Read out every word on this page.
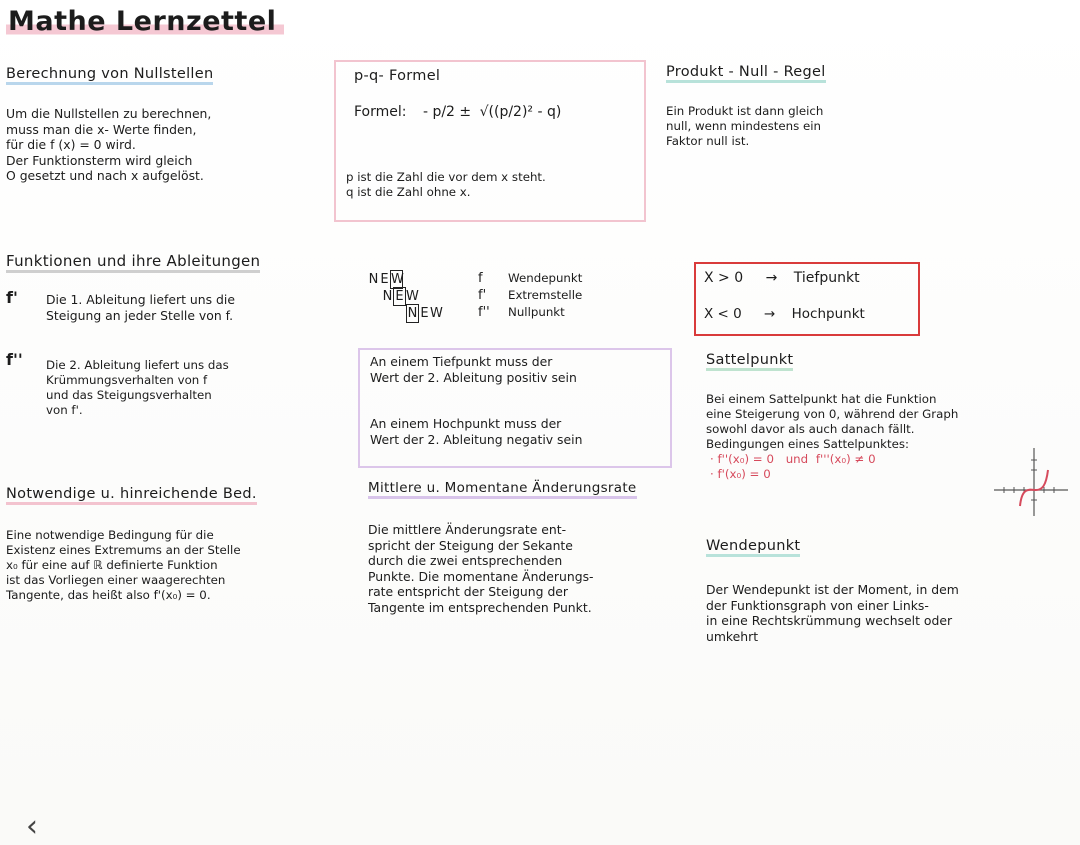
Mathe Lernzettel
Berechnung von Nullstellen
Um die Nullstellen zu berechnen,
muss man die x- Werte finden,
für die f (x) = 0 wird.
Der Funktionsterm wird gleich
O gesetzt und nach x aufgelöst.
p-q- Formel
Formel: - p/2 ± √((p/2)² - q)
p ist die Zahl die vor dem x steht.
q ist die Zahl ohne x.
Produkt - Null - Regel
Ein Produkt ist dann gleich
null, wenn mindestens ein
Faktor null ist.
Funktionen und ihre Ableitungen
f' Die 1. Ableitung liefert uns die
Steigung an jeder Stelle von f.
f'' Die 2. Ableitung liefert uns das
Krümmungsverhalten von f
und das Steigungsverhalten
von f'.
N E W	f Wendepunkt
N E W	f' Extremstelle
N EW	f'' Nullpunkt
X > 0 → Tiefpunkt
X < 0 → Hochpunkt
An einem Tiefpunkt muss der
Wert der 2. Ableitung positiv sein
An einem Hochpunkt muss der
Wert der 2. Ableitung negativ sein
Sattelpunkt
Bei einem Sattelpunkt hat die Funktion
eine Steigerung von 0, während der Graph
sowohl davor als auch danach fällt.
Bedingungen eines Sattelpunktes:
· f''(x₀) = 0 und f'''(x₀) ≠ 0
· f'(x₀) = 0
Notwendige u. hinreichende Bed.
Eine notwendige Bedingung für die
Existenz eines Extremums an der Stelle
x₀ für eine auf ℝ definierte Funktion
ist das Vorliegen einer waagerechten
Tangente, das heißt also f'(x₀) = 0.
Mittlere u. Momentane Änderungsrate
Die mittlere Änderungsrate ent-
spricht der Steigung der Sekante
durch die zwei entsprechenden
Punkte. Die momentane Änderungs-
rate entspricht der Steigung der
Tangente im entsprechenden Punkt.
Wendepunkt
Der Wendepunkt ist der Moment, in dem
der Funktionsgraph von einer Links-
in eine Rechtskrümmung wechselt oder
umkehrt
‹
